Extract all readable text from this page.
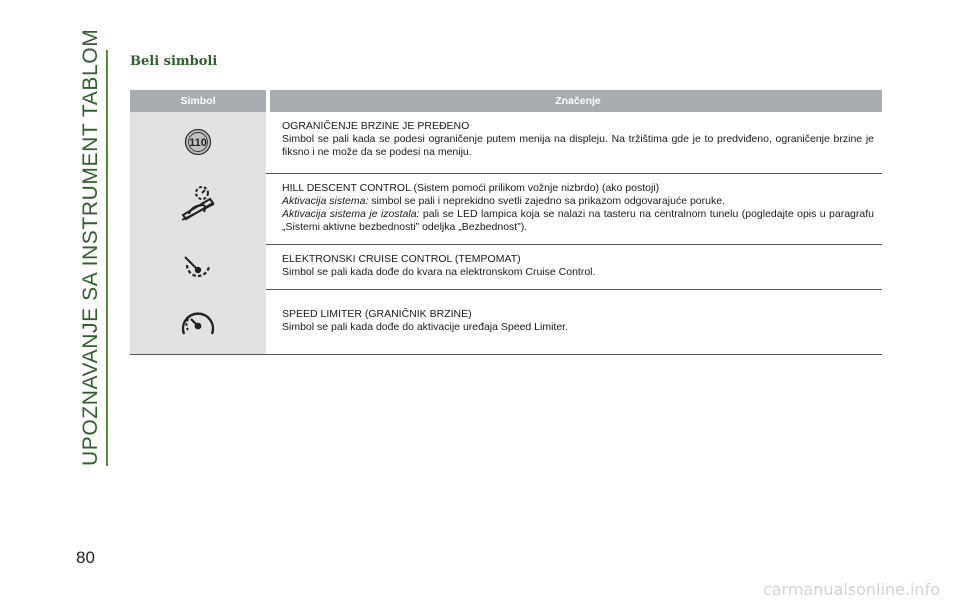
UPOZNAVANJE SA INSTRUMENT TABLOM
80
Beli simboli
Simbol	Značenje
110

OGRANIČENJE BRZINE JE PREĐENO

Simbol se pali kada se podesi ograničenje putem menija na displeju. Na tržištima gde je to predviđeno, ograničenje brzine je fiksno i ne može da se podesi na meniju.

HILL DESCENT CONTROL (Sistem pomoći prilikom vožnje nizbrdo) (ako postoji)

Aktivacija sistema: simbol se pali i neprekidno svetli zajedno sa prikazom odgovarajuće poruke.

Aktivacija sistema je izostala: pali se LED lampica koja se nalazi na tasteru na centralnom tunelu (pogledajte opis u paragrafu „Sistemi aktivne bezbednosti” odeljka „Bezbednost”).

ELEKTRONSKI CRUISE CONTROL (TEMPOMAT)

Simbol se pali kada dođe do kvara na elektronskom Cruise Control.

SPEED LIMITER (GRANIČNIK BRZINE)

Simbol se pali kada dođe do aktivacije uređaja Speed Limiter.

carmanualsonline.info
